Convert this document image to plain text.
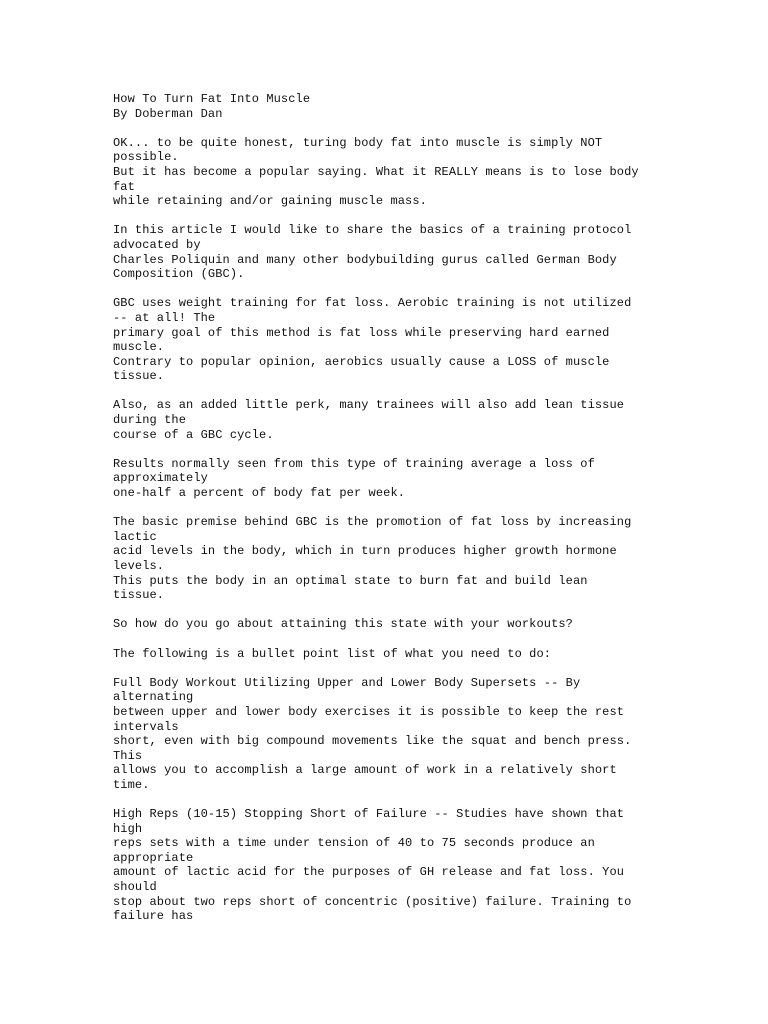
How To Turn Fat Into Muscle
By Doberman Dan
OK... to be quite honest, turing body fat into muscle is simply NOT
possible.
But it has become a popular saying. What it REALLY means is to lose body
fat
while retaining and/or gaining muscle mass.
In this article I would like to share the basics of a training protocol
advocated by
Charles Poliquin and many other bodybuilding gurus called German Body
Composition (GBC).
GBC uses weight training for fat loss. Aerobic training is not utilized
-- at all! The
primary goal of this method is fat loss while preserving hard earned
muscle.
Contrary to popular opinion, aerobics usually cause a LOSS of muscle
tissue.
Also, as an added little perk, many trainees will also add lean tissue
during the
course of a GBC cycle.
Results normally seen from this type of training average a loss of
approximately
one-half a percent of body fat per week.
The basic premise behind GBC is the promotion of fat loss by increasing
lactic
acid levels in the body, which in turn produces higher growth hormone
levels.
This puts the body in an optimal state to burn fat and build lean
tissue.
So how do you go about attaining this state with your workouts?
The following is a bullet point list of what you need to do:
Full Body Workout Utilizing Upper and Lower Body Supersets -- By
alternating
between upper and lower body exercises it is possible to keep the rest
intervals
short, even with big compound movements like the squat and bench press.
This
allows you to accomplish a large amount of work in a relatively short
time.
High Reps (10-15) Stopping Short of Failure -- Studies have shown that
high
reps sets with a time under tension of 40 to 75 seconds produce an
appropriate
amount of lactic acid for the purposes of GH release and fat loss. You
should
stop about two reps short of concentric (positive) failure. Training to
failure has
